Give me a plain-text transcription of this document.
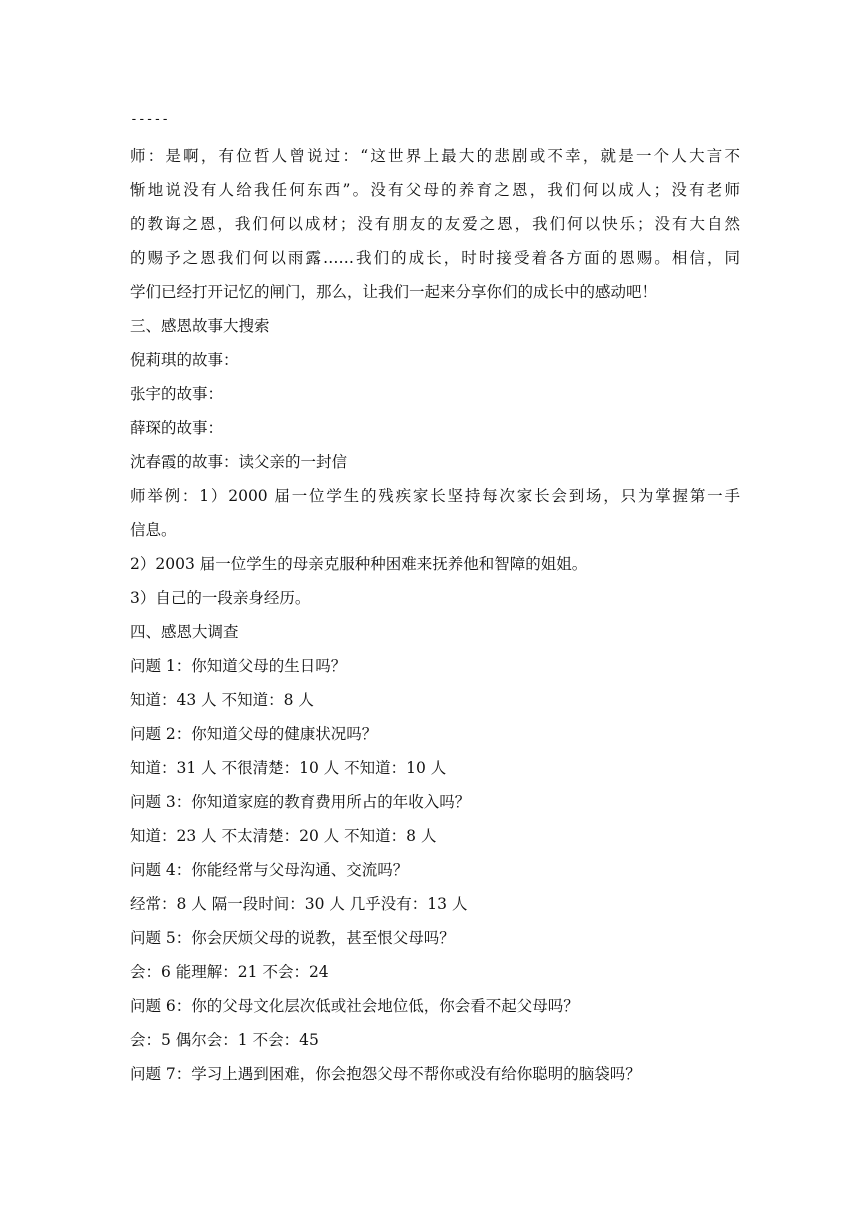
-----
师：是啊，有位哲人曾说过：“这世界上最大的悲剧或不幸，就是一个人大言不
惭地说没有人给我任何东西”。没有父母的养育之恩，我们何以成人；没有老师
的教诲之恩，我们何以成材；没有朋友的友爱之恩，我们何以快乐；没有大自然
的赐予之恩我们何以雨露……我们的成长，时时接受着各方面的恩赐。相信，同
学们已经打开记忆的闸门，那么，让我们一起来分享你们的成长中的感动吧！
三、感恩故事大搜索
倪莉琪的故事：
张宇的故事：
薛琛的故事：
沈春霞的故事：读父亲的一封信
师举例：1）2000 届一位学生的残疾家长坚持每次家长会到场，只为掌握第一手
信息。
2）2003 届一位学生的母亲克服种种困难来抚养他和智障的姐姐。
3）自己的一段亲身经历。
四、感恩大调查
问题 1：你知道父母的生日吗？
知道：43 人 不知道：8 人
问题 2：你知道父母的健康状况吗？
知道：31 人 不很清楚：10 人 不知道：10 人
问题 3：你知道家庭的教育费用所占的年收入吗？
知道：23 人 不太清楚：20 人 不知道：8 人
问题 4：你能经常与父母沟通、交流吗？
经常：8 人 隔一段时间：30 人 几乎没有：13 人
问题 5：你会厌烦父母的说教，甚至恨父母吗？
会：6 能理解：21 不会：24
问题 6：你的父母文化层次低或社会地位低，你会看不起父母吗？
会：5 偶尔会：1 不会：45
问题 7：学习上遇到困难，你会抱怨父母不帮你或没有给你聪明的脑袋吗？
